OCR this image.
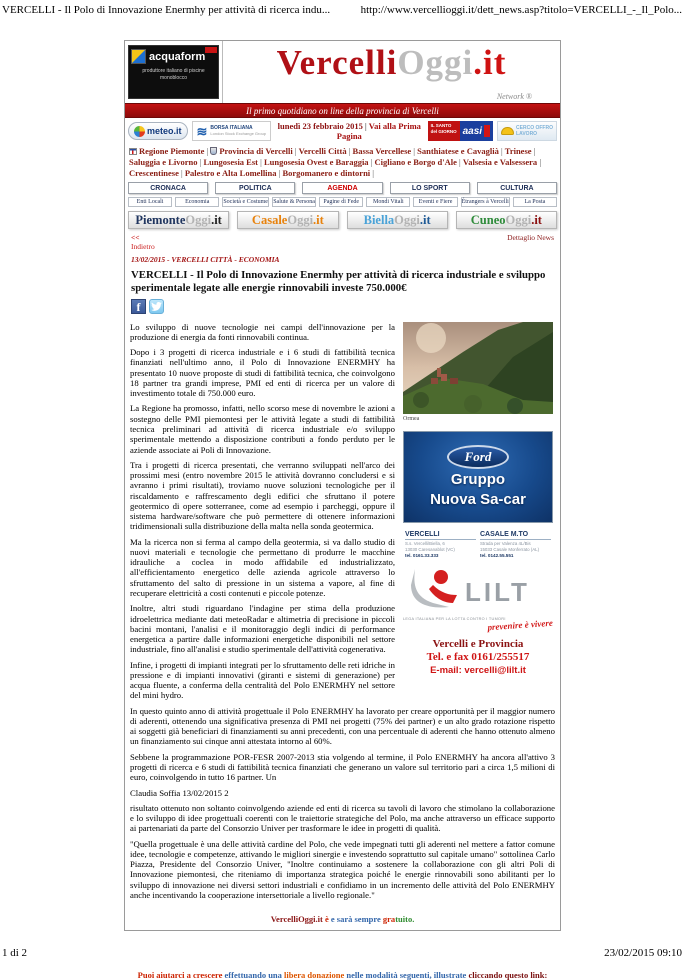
VERCELLI - Il Polo di Innovazione Enermhy per attività di ricerca indu...	http://www.vercellioggi.it/dett_news.asp?titolo=VERCELLI_-_Il_Polo...
acquaform
produttore italiano di piscine monoblocco	VercelliOggi.it
Network ®
Il primo quotidiano on line della provincia di Vercelli
meteo.it ≋ BORSA ITALIANA
London Stock Exchange Group
lunedì 23 febbraio 2015 | Vai alla Prima Pagina
IL SANTO del GIORNO aasi	CERCO OFFRO
LAVORO
Regione Piemonte | Provincia di Vercelli | Vercelli Città | Bassa Vercellese | Santhiatese e Cavaglià | Trinese | Saluggia e Livorno | Lungosesia Est | Lungosesia Ovest e Baraggia | Cigliano e Borgo d'Ale | Valsesia e Valsessera | Crescentinese | Palestro e Alta Lomellina | Borgomanero e dintorni |
CRONACA	POLITICA	AGENDA	LO SPORT	CULTURA
Enti Locali	Economia	Società e Costume Salute & Persona	Pagine di Fede	Mondi Vitali	Eventi e Fiere	Étrangers à Vercelli	La Posta
PiemonteOggi.it	CasaleOggi.it	BiellaOggi.it	CuneoOggi.it
<<	Dettaglio News
Indietro
13/02/2015 - VERCELLI CITTÀ - ECONOMIA
VERCELLI - Il Polo di Innovazione Enermhy per attività di ricerca industriale e sviluppo sperimentale legate alle energie rinnovabili investe 750.000€
f
Ormea
Ford
Gruppo
Nuova Sa-car
VERCELLI
S.s. Vercelli/Biella, 6
13030 Caresanablot (VC)
tel. 0161.33.333
CASALE M.TO
Strada per Valenza 4L/Bis
15033 Casale Monferrato (AL)
tel. 0142.55.551
LILT
LEGA ITALIANA PER LA LOTTA CONTRO I TUMORI
prevenire è vivere
Vercelli e Provincia
Tel. e fax 0161/255517
E-mail: vercelli@lilt.it

Lo sviluppo di nuove tecnologie nei campi dell'innovazione per la produzione di energia da fonti rinnovabili continua.

Dopo i 3 progetti di ricerca industriale e i 6 studi di fattibilità tecnica finanziati nell'ultimo anno, il Polo di Innovazione ENERMHY ha presentato 10 nuove proposte di studi di fattibilità tecnica, che coinvolgono 18 partner tra grandi imprese, PMI ed enti di ricerca per un valore di investimento totale di 750.000 euro.

La Regione ha promosso, infatti, nello scorso mese di novembre le azioni a sostegno delle PMI piemontesi per le attività legate a studi di fattibilità tecnica preliminari ad attività di ricerca industriale e/o sviluppo sperimentale mettendo a disposizione contributi a fondo perduto per le aziende associate ai Poli di Innovazione.

Tra i progetti di ricerca presentati, che verranno sviluppati nell'arco dei prossimi mesi (entro novembre 2015 le attività dovranno concludersi e si avranno i primi risultati), troviamo nuove soluzioni tecnologiche per il riscaldamento e raffrescamento degli edifici che sfruttano il potere geotermico di opere sotterranee, come ad esempio i parcheggi, oppure il sistema hardware/software che può permettere di ottenere informazioni tridimensionali sulla distribuzione della malta nella sonda geotermica.

Ma la ricerca non si ferma al campo della geotermia, si va dallo studio di nuovi materiali e tecnologie che permettano di produrre le macchine idrauliche a coclea in modo affidabile ed industrializzato, all'efficientamento energetico delle azienda agricole attraverso lo sfruttamento del salto di pressione in un sistema a vapore, al fine di recuperare elettricità a costi contenuti e piccole potenze.

Inoltre, altri studi riguardano l'indagine per stima della produzione idroelettrica mediante dati meteoRadar e altimetria di precisione in piccoli bacini montani, l'analisi e il monitoraggio degli indici di performance energetica a partire dalle informazioni energetiche disponibili nel settore industriale, fino all'analisi e studio sperimentale dell'attività cogenerativa.

Infine, i progetti di impianti integrati per lo sfruttamento delle reti idriche in pressione e di impianti innovativi (giranti e sistemi di generazione) per acqua fluente, a conferma della centralità del Polo ENERMHY nel settore del mini hydro.

In questo quinto anno di attività progettuale il Polo ENERMHY ha lavorato per creare opportunità per il maggior numero di aderenti, ottenendo una significativa presenza di PMI nei progetti (75% dei partner) e un alto grado rotazione rispetto ai soggetti già beneficiari di finanziamenti su anni precedenti, con una percentuale di aderenti che hanno ottenuto almeno un finanziamento sui cinque anni attestata intorno al 60%.

Sebbene la programmazione POR-FESR 2007-2013 stia volgendo al termine, il Polo ENERMHY ha ancora all'attivo 3 progetti di ricerca e 6 studi di fattibilità tecnica finanziati che generano un valore sul territorio pari a circa 1,5 milioni di euro, coinvolgendo in tutto 16 partner. Un

Claudia Soffia 13/02/2015 2

risultato ottenuto non soltanto coinvolgendo aziende ed enti di ricerca su tavoli di lavoro che stimolano la collaborazione e lo sviluppo di idee progettuali coerenti con le traiettorie strategiche del Polo, ma anche attraverso un efficace supporto ai partenariati da parte del Consorzio Univer per trasformare le idee in progetti di qualità.

"Quella progettuale è una delle attività cardine del Polo, che vede impegnati tutti gli aderenti nel mettere a fattor comune idee, tecnologie e competenze, attivando le migliori sinergie e investendo soprattutto sul capitale umano" sottolinea Carlo Piazza, Presidente del Consorzio Univer, "Inoltre continuiamo a sostenere la collaborazione con gli altri Poli di Innovazione piemontesi, che riteniamo di importanza strategica poiché le energie rinnovabili sono abilitanti per lo sviluppo di innovazione nei diversi settori industriali e confidiamo in un incremento delle attività del Polo ENERMHY anche incentivando la cooperazione intersettoriale a livello regionale."

VercelliOggi.it è e sarà sempre gratuito.
Puoi aiutarci a crescere effettuando una libera donazione nelle modalità seguenti, illustrate cliccando questo link:
1 di 2	23/02/2015 09:10
